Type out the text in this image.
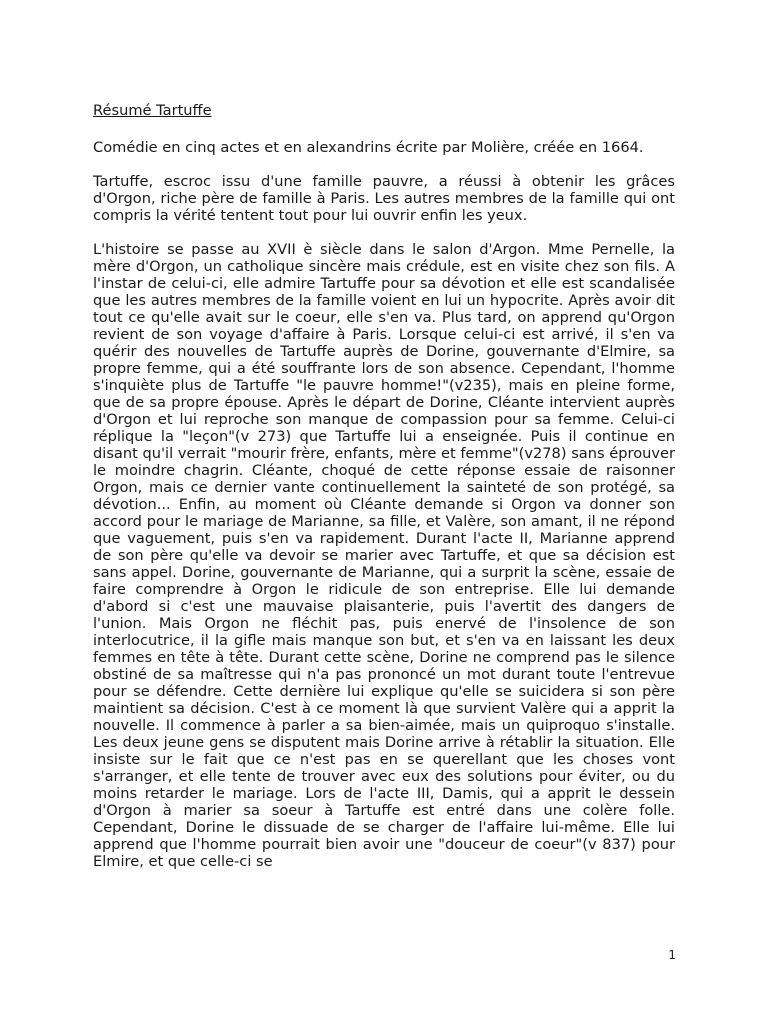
Résumé Tartuffe

Comédie en cinq actes et en alexandrins écrite par Molière, créée en 1664.

Tartuffe, escroc issu d'une famille pauvre, a réussi à obtenir les grâces d'Orgon, riche père de famille à Paris. Les autres membres de la famille qui ont compris la vérité tentent tout pour lui ouvrir enfin les yeux.

L'histoire se passe au XVII è siècle dans le salon d'Argon. Mme Pernelle, la mère d'Orgon, un catholique sincère mais crédule, est en visite chez son fils. A l'instar de celui-ci, elle admire Tartuffe pour sa dévotion et elle est scandalisée que les autres membres de la famille voient en lui un hypocrite. Après avoir dit tout ce qu'elle avait sur le coeur, elle s'en va. Plus tard, on apprend qu'Orgon revient de son voyage d'affaire à Paris. Lorsque celui-ci est arrivé, il s'en va quérir des nouvelles de Tartuffe auprès de Dorine, gouvernante d'Elmire, sa propre femme, qui a été souffrante lors de son absence. Cependant, l'homme s'inquiète plus de Tartuffe "le pauvre homme!"(v235), mais en pleine forme, que de sa propre épouse. Après le départ de Dorine, Cléante intervient auprès d'Orgon et lui reproche son manque de compassion pour sa femme. Celui-ci réplique la "leçon"(v 273) que Tartuffe lui a enseignée. Puis il continue en disant qu'il verrait "mourir frère, enfants, mère et femme"(v278) sans éprouver le moindre chagrin. Cléante, choqué de cette réponse essaie de raisonner Orgon, mais ce dernier vante continuellement la sainteté de son protégé, sa dévotion... Enfin, au moment où Cléante demande si Orgon va donner son accord pour le mariage de Marianne, sa fille, et Valère, son amant, il ne répond que vaguement, puis s'en va rapidement. Durant l'acte II, Marianne apprend de son père qu'elle va devoir se marier avec Tartuffe, et que sa décision est sans appel. Dorine, gouvernante de Marianne, qui a surprit la scène, essaie de faire comprendre à Orgon le ridicule de son entreprise. Elle lui demande d'abord si c'est une mauvaise plaisanterie, puis l'avertit des dangers de l'union. Mais Orgon ne fléchit pas, puis enervé de l'insolence de son interlocutrice, il la gifle mais manque son but, et s'en va en laissant les deux femmes en tête à tête. Durant cette scène, Dorine ne comprend pas le silence obstiné de sa maîtresse qui n'a pas prononcé un mot durant toute l'entrevue pour se défendre. Cette dernière lui explique qu'elle se suicidera si son père maintient sa décision. C'est à ce moment là que survient Valère qui a apprit la nouvelle. Il commence à parler a sa bien-aimée, mais un quiproquo s'installe. Les deux jeune gens se disputent mais Dorine arrive à rétablir la situation. Elle insiste sur le fait que ce n'est pas en se querellant que les choses vont s'arranger, et elle tente de trouver avec eux des solutions pour éviter, ou du moins retarder le mariage. Lors de l'acte III, Damis, qui a apprit le dessein d'Orgon à marier sa soeur à Tartuffe est entré dans une colère folle. Cependant, Dorine le dissuade de se charger de l'affaire lui-même. Elle lui apprend que l'homme pourrait bien avoir une "douceur de coeur"(v 837) pour Elmire, et que celle-ci se

1
